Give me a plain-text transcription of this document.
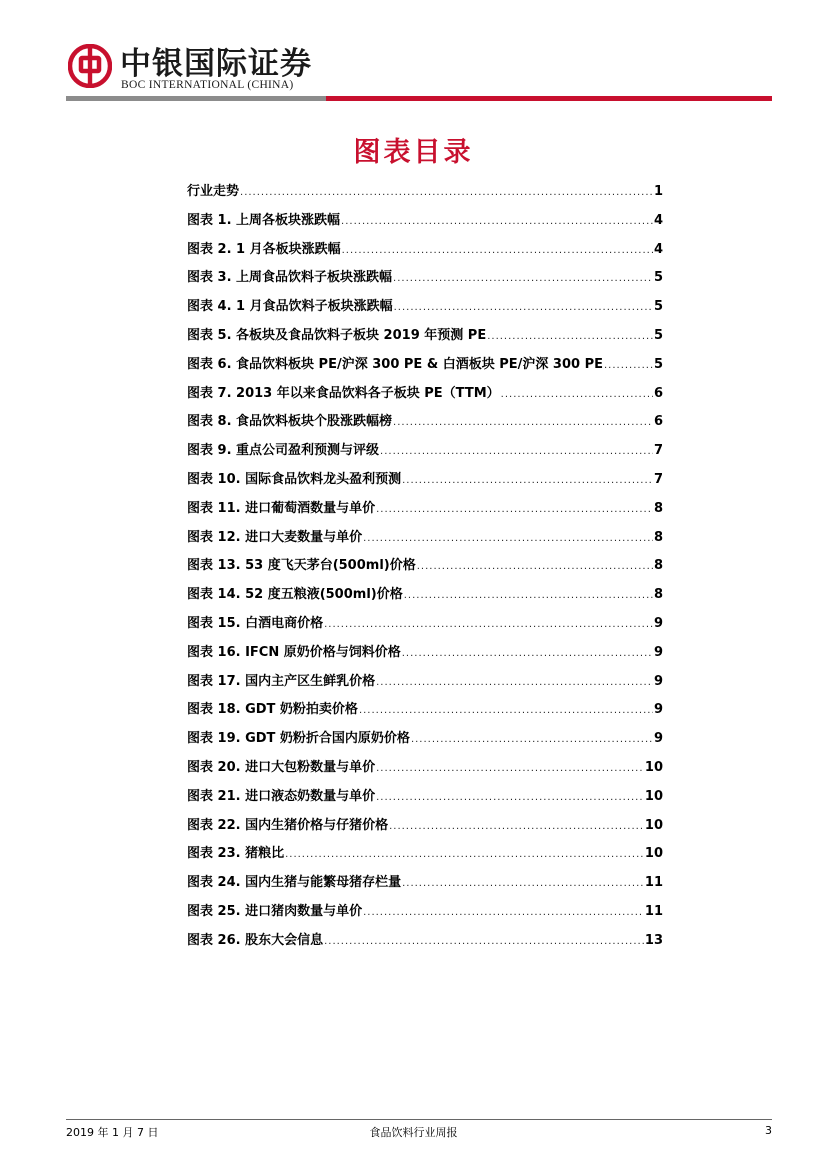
中银国际证券
BOC INTERNATIONAL (CHINA)
图表目录
行业走势 .....	1
图表 1. 上周各板块涨跌幅 .....	4
图表 2. 1 月各板块涨跌幅 .....	4
图表 3. 上周食品饮料子板块涨跌幅 .....	5
图表 4. 1 月食品饮料子板块涨跌幅 .....	5
图表 5. 各板块及食品饮料子板块 2019 年预测 PE .....	5
图表 6. 食品饮料板块 PE/沪深 300 PE & 白酒板块 PE/沪深 300 PE .....	5
图表 7. 2013 年以来食品饮料各子板块 PE（TTM） .....	6
图表 8. 食品饮料板块个股涨跌幅榜 .....	6
图表 9. 重点公司盈利预测与评级 .....	7
图表 10. 国际食品饮料龙头盈利预测 .....	7
图表 11. 进口葡萄酒数量与单价 .....	8
图表 12. 进口大麦数量与单价 .....	8
图表 13. 53 度飞天茅台(500ml)价格 .....	8
图表 14. 52 度五粮液(500ml)价格 .....	8
图表 15. 白酒电商价格 .....	9
图表 16. IFCN 原奶价格与饲料价格 .....	9
图表 17. 国内主产区生鲜乳价格 .....	9
图表 18. GDT 奶粉拍卖价格 .....	9
图表 19. GDT 奶粉折合国内原奶价格 .....	9
图表 20. 进口大包粉数量与单价 .....	10
图表 21. 进口液态奶数量与单价 .....	10
图表 22. 国内生猪价格与仔猪价格 .....	10
图表 23. 猪粮比 .....	10
图表 24. 国内生猪与能繁母猪存栏量 .....	11
图表 25. 进口猪肉数量与单价 .....	11
图表 26. 股东大会信息 .....	13
2019 年 1 月 7 日	食品饮料行业周报	3
